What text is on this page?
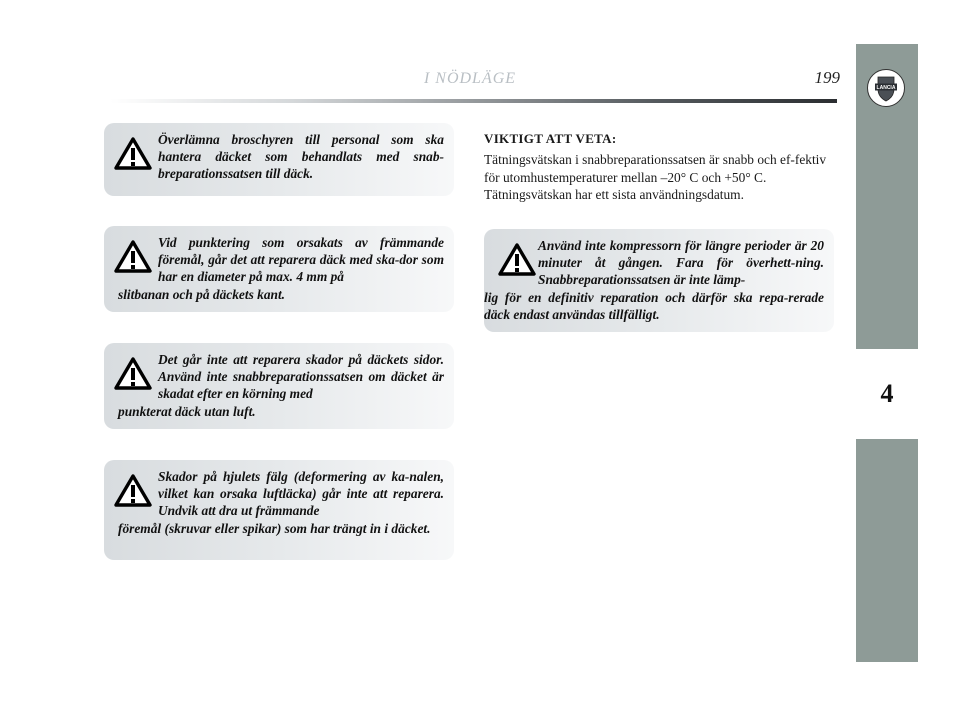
I NÖDLÄGE	199
LANCIA
4
Överlämna broschyren till personal som ska hantera däcket som behandlats med snab-breparationssatsen till däck.
Vid punktering som orsakats av främmande föremål, går det att reparera däck med ska-dor som har en diameter på max. 4 mm på
slitbanan och på däckets kant.
Det går inte att reparera skador på däckets sidor. Använd inte snabbreparationssatsen om däcket är skadat efter en körning med
punkterat däck utan luft.
Skador på hjulets fälg (deformering av ka-nalen, vilket kan orsaka luftläcka) går inte att reparera. Undvik att dra ut främmande
föremål (skruvar eller spikar) som har trängt in i däcket.
VIKTIGT ATT VETA:
Tätningsvätskan i snabbreparationssatsen är snabb och ef-fektiv för utomhustemperaturer mellan –20° C och +50° C. Tätningsvätskan har ett sista användningsdatum.
Använd inte kompressorn för längre perioder är 20 minuter åt gången. Fara för överhett-ning. Snabbreparationssatsen är inte lämp-
lig för en definitiv reparation och därför ska repa-rerade däck endast användas tillfälligt.
